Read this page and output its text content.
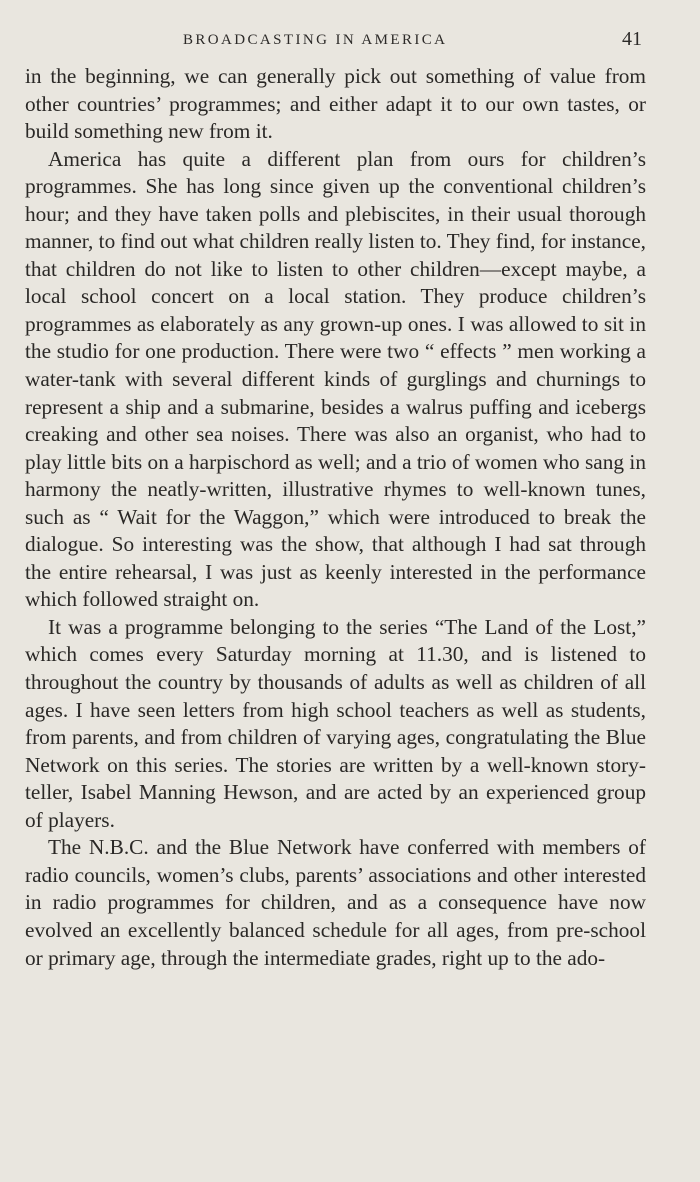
BROADCASTING IN AMERICA	41

in the beginning, we can generally pick out something of value from other countries’ programmes; and either adapt it to our own tastes, or build something new from it.

America has quite a different plan from ours for children’s programmes. She has long since given up the conventional children’s hour; and they have taken polls and plebiscites, in their usual thorough manner, to find out what children really listen to. They find, for instance, that children do not like to listen to other children—except maybe, a local school concert on a local station. They produce children’s programmes as elaborately as any grown-up ones. I was allowed to sit in the studio for one production. There were two “ effects ” men working a water-tank with several different kinds of gurglings and churnings to represent a ship and a submarine, besides a walrus puffing and icebergs creaking and other sea noises. There was also an organist, who had to play little bits on a harpischord as well; and a trio of women who sang in harmony the neatly-written, illustrative rhymes to well-known tunes, such as “ Wait for the Waggon,” which were introduced to break the dialogue. So interesting was the show, that although I had sat through the entire rehearsal, I was just as keenly interested in the performance which followed straight on.

It was a programme belonging to the series “The Land of the Lost,” which comes every Saturday morning at 11.30, and is listened to throughout the country by thousands of adults as well as children of all ages. I have seen letters from high school teachers as well as students, from parents, and from children of varying ages, congratulating the Blue Network on this series. The stories are written by a well-known storyteller, Isabel Manning Hewson, and are acted by an experienced group of players.

The N.B.C. and the Blue Network have conferred with members of radio councils, women’s clubs, parents’ associations and other interested in radio programmes for children, and as a consequence have now evolved an excellently balanced schedule for all ages, from pre-school or primary age, through the intermediate grades, right up to the ado-
